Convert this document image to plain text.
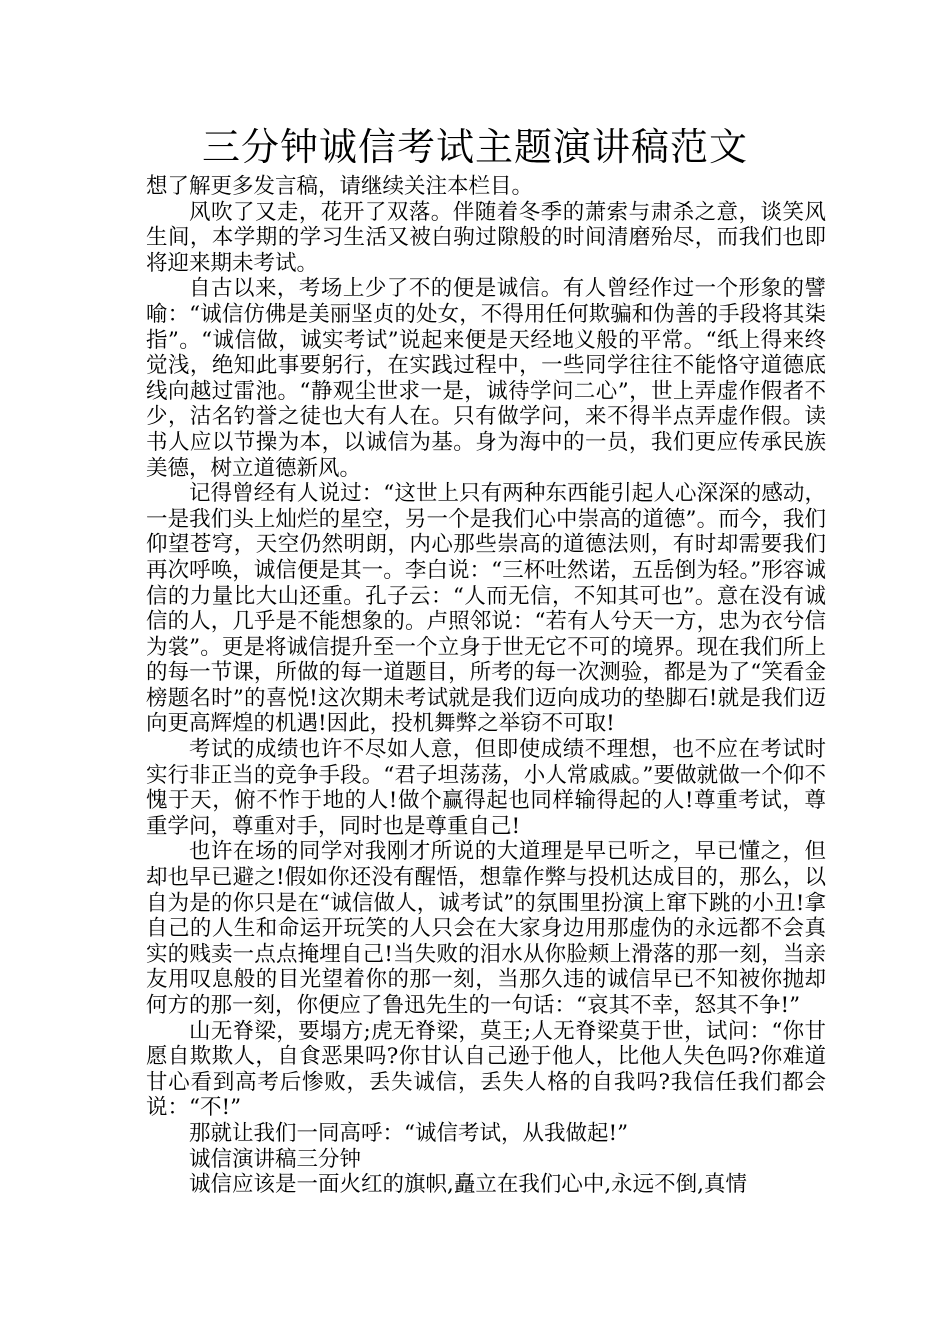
三分钟诚信考试主题演讲稿范文

想了解更多发言稿，请继续关注本栏目。

风吹了又走，花开了双落。伴随着冬季的萧索与肃杀之意，谈笑风生间，本学期的学习生活又被白驹过隙般的时间清磨殆尽，而我们也即将迎来期未考试。

自古以来，考场上少了不的便是诚信。有人曾经作过一个形象的譬喻：“诚信仿佛是美丽坚贞的处女，不得用任何欺骗和伪善的手段将其柒指”。“诚信做，诚实考试”说起来便是天经地义般的平常。“纸上得来终觉浅，绝知此事要躬行，在实践过程中，一些同学往往不能恪守道德底线向越过雷池。“静观尘世求一是，诚待学问二心”，世上弄虚作假者不少，沽名钓誉之徒也大有人在。只有做学问，来不得半点弄虚作假。读书人应以节操为本，以诚信为基。身为海中的一员，我们更应传承民族美德，树立道德新风。

记得曾经有人说过：“这世上只有两种东西能引起人心深深的感动，一是我们头上灿烂的星空，另一个是我们心中崇高的道德”。而今，我们仰望苍穹，天空仍然明朗，内心那些崇高的道德法则，有时却需要我们再次呼唤，诚信便是其一。李白说：“三杯吐然诺，五岳倒为轻。”形容诚信的力量比大山还重。孔子云：“人而无信，不知其可也”。意在没有诚信的人，几乎是不能想象的。卢照邻说：“若有人兮天一方，忠为衣兮信为裳”。更是将诚信提升至一个立身于世无它不可的境界。现在我们所上的每一节课，所做的每一道题目，所考的每一次测验，都是为了“笑看金榜题名时”的喜悦!这次期未考试就是我们迈向成功的垫脚石!就是我们迈向更高辉煌的机遇!因此，投机舞弊之举窃不可取!

考试的成绩也许不尽如人意，但即使成绩不理想，也不应在考试时实行非正当的竞争手段。“君子坦荡荡，小人常戚戚。”要做就做一个仰不愧于天，俯不怍于地的人!做个赢得起也同样输得起的人!尊重考试，尊重学问，尊重对手，同时也是尊重自己!

也许在场的同学对我刚才所说的大道理是早已听之，早已懂之，但却也早已避之!假如你还没有醒悟，想靠作弊与投机达成目的，那么，以自为是的你只是在“诚信做人，诚考试”的氛围里扮演上窜下跳的小丑!拿自己的人生和命运开玩笑的人只会在大家身边用那虚伪的永远都不会真实的贱卖一点点掩埋自己!当失败的泪水从你脸颊上滑落的那一刻，当亲友用叹息般的目光望着你的那一刻，当那久违的诚信早已不知被你抛却何方的那一刻，你便应了鲁迅先生的一句话：“哀其不幸，怒其不争!”

山无脊梁，要塌方;虎无脊梁，莫王;人无脊梁莫于世，试问：“你甘愿自欺欺人，自食恶果吗?你甘认自己逊于他人，比他人失色吗?你难道甘心看到高考后惨败，丢失诚信，丢失人格的自我吗?我信任我们都会说：“不!”

那就让我们一同高呼：“诚信考试，从我做起!”

诚信演讲稿三分钟

诚信应该是一面火红的旗帜,矗立在我们心中,永远不倒,真情
